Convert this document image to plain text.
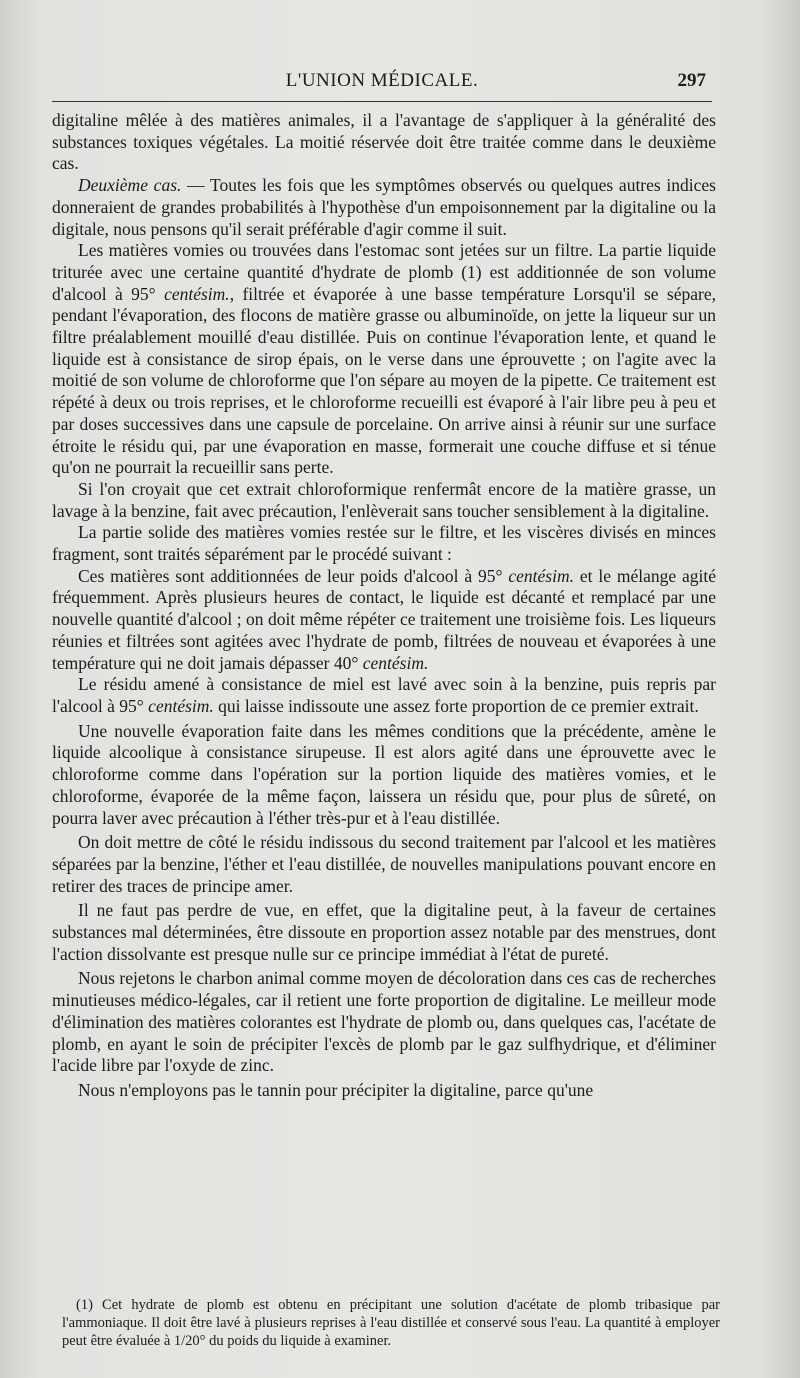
L'UNION MÉDICALE.	297

digitaline mêlée à des matières animales, il a l'avantage de s'appliquer à la généralité des substances toxiques végétales. La moitié réservée doit être traitée comme dans le deuxième cas.

Deuxième cas. — Toutes les fois que les symptômes observés ou quelques autres indices donneraient de grandes probabilités à l'hypothèse d'un empoisonnement par la digitaline ou la digitale, nous pensons qu'il serait préférable d'agir comme il suit.

Les matières vomies ou trouvées dans l'estomac sont jetées sur un filtre. La partie liquide triturée avec une certaine quantité d'hydrate de plomb (1) est additionnée de son volume d'alcool à 95° centésim., filtrée et évaporée à une basse température Lorsqu'il se sépare, pendant l'évaporation, des flocons de matière grasse ou albuminoïde, on jette la liqueur sur un filtre préalablement mouillé d'eau distillée. Puis on continue l'évaporation lente, et quand le liquide est à consistance de sirop épais, on le verse dans une éprouvette ; on l'agite avec la moitié de son volume de chloroforme que l'on sépare au moyen de la pipette. Ce traitement est répété à deux ou trois reprises, et le chloroforme recueilli est évaporé à l'air libre peu à peu et par doses successives dans une capsule de porcelaine. On arrive ainsi à réunir sur une surface étroite le résidu qui, par une évaporation en masse, formerait une couche diffuse et si ténue qu'on ne pourrait la recueillir sans perte.

Si l'on croyait que cet extrait chloroformique renfermât encore de la matière grasse, un lavage à la benzine, fait avec précaution, l'enlèverait sans toucher sensiblement à la digitaline.

La partie solide des matières vomies restée sur le filtre, et les viscères divisés en minces fragment, sont traités séparément par le procédé suivant :

Ces matières sont additionnées de leur poids d'alcool à 95° centésim. et le mélange agité fréquemment. Après plusieurs heures de contact, le liquide est décanté et remplacé par une nouvelle quantité d'alcool ; on doit même répéter ce traitement une troisième fois. Les liqueurs réunies et filtrées sont agitées avec l'hydrate de pomb, filtrées de nouveau et évaporées à une température qui ne doit jamais dépasser 40° centésim.

Le résidu amené à consistance de miel est lavé avec soin à la benzine, puis repris par l'alcool à 95° centésim. qui laisse indissoute une assez forte proportion de ce premier extrait.

Une nouvelle évaporation faite dans les mêmes conditions que la précédente, amène le liquide alcoolique à consistance sirupeuse. Il est alors agité dans une éprouvette avec le chloroforme comme dans l'opération sur la portion liquide des matières vomies, et le chloroforme, évaporée de la même façon, laissera un résidu que, pour plus de sûreté, on pourra laver avec précaution à l'éther très-pur et à l'eau distillée.

On doit mettre de côté le résidu indissous du second traitement par l'alcool et les matières séparées par la benzine, l'éther et l'eau distillée, de nouvelles manipulations pouvant encore en retirer des traces de principe amer.

Il ne faut pas perdre de vue, en effet, que la digitaline peut, à la faveur de certaines substances mal déterminées, être dissoute en proportion assez notable par des menstrues, dont l'action dissolvante est presque nulle sur ce principe immédiat à l'état de pureté.

Nous rejetons le charbon animal comme moyen de décoloration dans ces cas de recherches minutieuses médico-légales, car il retient une forte proportion de digitaline. Le meilleur mode d'élimination des matières colorantes est l'hydrate de plomb ou, dans quelques cas, l'acétate de plomb, en ayant le soin de précipiter l'excès de plomb par le gaz sulfhydrique, et d'éliminer l'acide libre par l'oxyde de zinc.

Nous n'employons pas le tannin pour précipiter la digitaline, parce qu'une

(1) Cet hydrate de plomb est obtenu en précipitant une solution d'acétate de plomb tribasique par l'ammoniaque. Il doit être lavé à plusieurs reprises à l'eau distillée et conservé sous l'eau. La quantité à employer peut être évaluée à 1/20° du poids du liquide à examiner.
